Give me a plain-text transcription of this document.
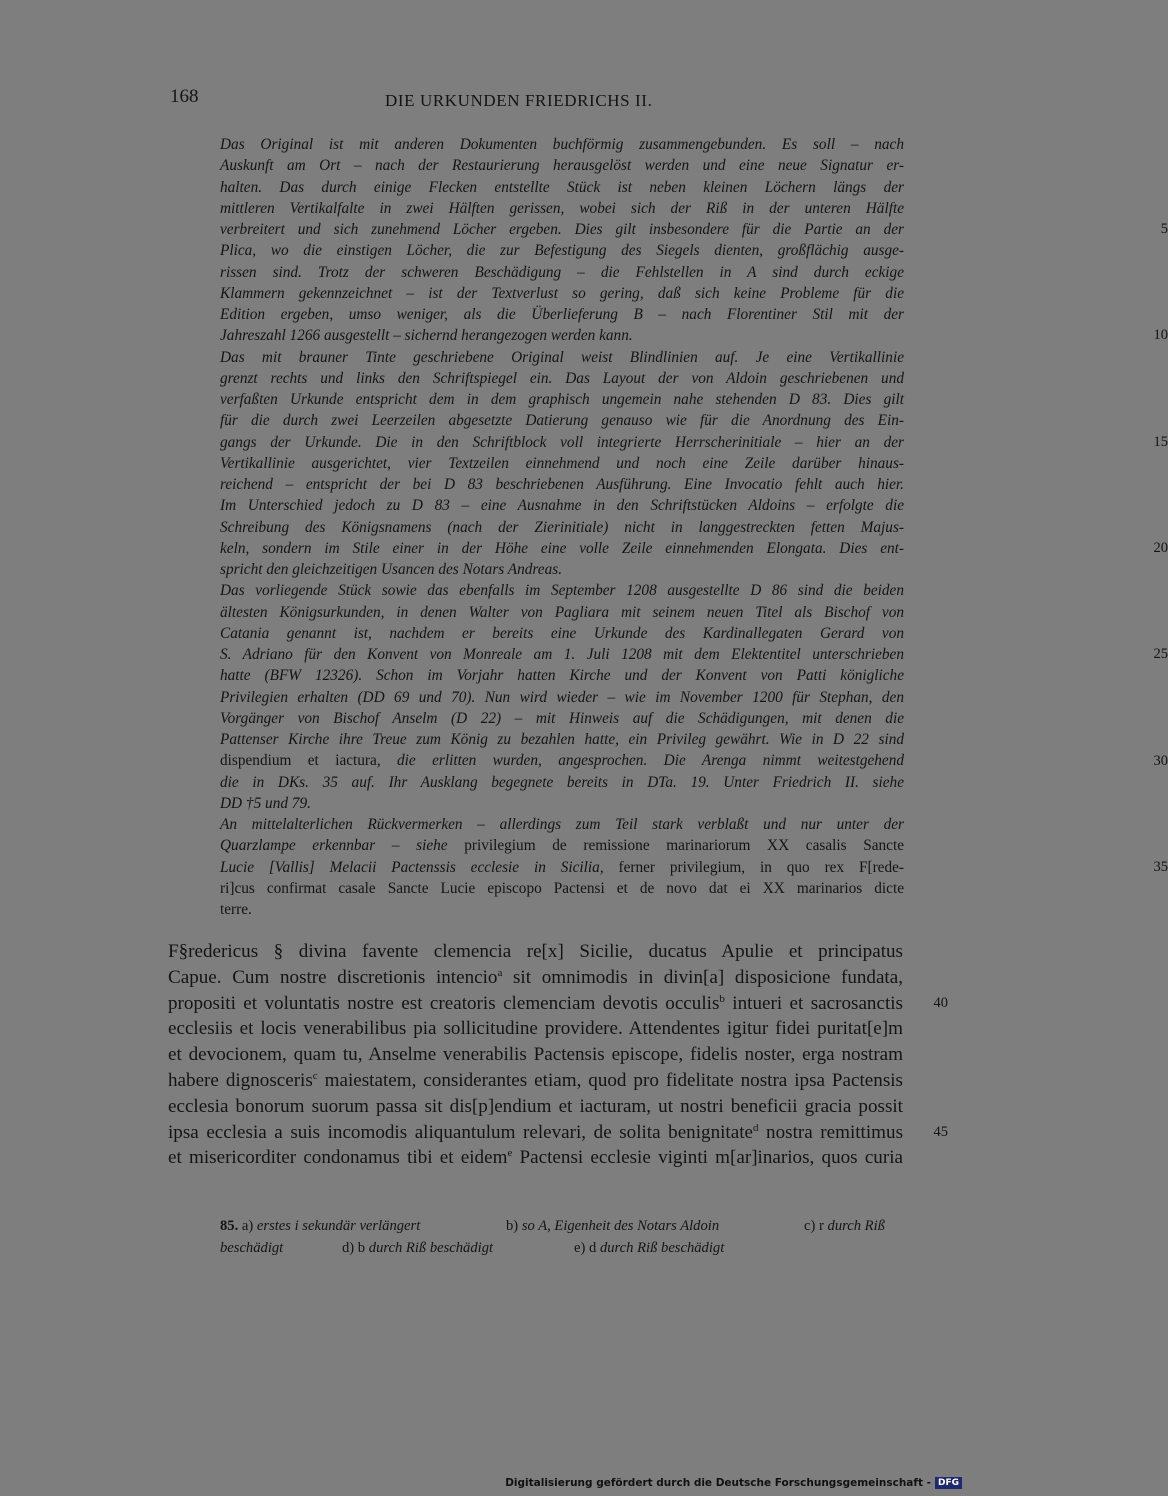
168	DIE URKUNDEN FRIEDRICHS II.
Das Original ist mit anderen Dokumenten buchförmig zusammengebunden. Es soll – nach
Auskunft am Ort – nach der Restaurierung herausgelöst werden und eine neue Signatur er-
halten. Das durch einige Flecken entstellte Stück ist neben kleinen Löchern längs der
mittleren Vertikalfalte in zwei Hälften gerissen, wobei sich der Riß in der unteren Hälfte
verbreitert und sich zunehmend Löcher ergeben. Dies gilt insbesondere für die Partie an der
Plica, wo die einstigen Löcher, die zur Befestigung des Siegels dienten, großflächig ausge-
rissen sind. Trotz der schweren Beschädigung – die Fehlstellen in A sind durch eckige
Klammern gekennzeichnet – ist der Textverlust so gering, daß sich keine Probleme für die
Edition ergeben, umso weniger, als die Überlieferung B – nach Florentiner Stil mit der
Jahreszahl 1266 ausgestellt – sichernd herangezogen werden kann.
Das mit brauner Tinte geschriebene Original weist Blindlinien auf. Je eine Vertikallinie
grenzt rechts und links den Schriftspiegel ein. Das Layout der von Aldoin geschriebenen und
verfaßten Urkunde entspricht dem in dem graphisch ungemein nahe stehenden D 83. Dies gilt
für die durch zwei Leerzeilen abgesetzte Datierung genauso wie für die Anordnung des Ein-
gangs der Urkunde. Die in den Schriftblock voll integrierte Herrscherinitiale – hier an der
Vertikallinie ausgerichtet, vier Textzeilen einnehmend und noch eine Zeile darüber hinaus-
reichend – entspricht der bei D 83 beschriebenen Ausführung. Eine Invocatio fehlt auch hier.
Im Unterschied jedoch zu D 83 – eine Ausnahme in den Schriftstücken Aldoins – erfolgte die
Schreibung des Königsnamens (nach der Zierinitiale) nicht in langgestreckten fetten Majus-
keln, sondern im Stile einer in der Höhe eine volle Zeile einnehmenden Elongata. Dies ent-
spricht den gleichzeitigen Usancen des Notars Andreas.
Das vorliegende Stück sowie das ebenfalls im September 1208 ausgestellte D 86 sind die beiden
ältesten Königsurkunden, in denen Walter von Pagliara mit seinem neuen Titel als Bischof von
Catania genannt ist, nachdem er bereits eine Urkunde des Kardinallegaten Gerard von
S. Adriano für den Konvent von Monreale am 1. Juli 1208 mit dem Elektentitel unterschrieben
hatte (BFW 12326). Schon im Vorjahr hatten Kirche und der Konvent von Patti königliche
Privilegien erhalten (DD 69 und 70). Nun wird wieder – wie im November 1200 für Stephan, den
Vorgänger von Bischof Anselm (D 22) – mit Hinweis auf die Schädigungen, mit denen die
Pattenser Kirche ihre Treue zum König zu bezahlen hatte, ein Privileg gewährt. Wie in D 22 sind
dispendium et iactura, die erlitten wurden, angesprochen. Die Arenga nimmt weitestgehend
die in DKs. 35 auf. Ihr Ausklang begegnete bereits in DTa. 19. Unter Friedrich II. siehe
DD †5 und 79.
An mittelalterlichen Rückvermerken – allerdings zum Teil stark verblaßt und nur unter der
Quarzlampe erkennbar – siehe privilegium de remissione marinariorum XX casalis Sancte
Lucie [Vallis] Melacii Pactenssis ecclesie in Sicilia, ferner privilegium, in quo rex F[rede-
ri]cus confirmat casale Sancte Lucie episcopo Pactensi et de novo dat ei XX marinarios dicte
terre.
5
10
15
20
25
30
35
F§redericus § divina favente clemencia re[x] Sicilie, ducatus Apulie et principatus
Capue. Cum nostre discretionis intencio$^a$ sit omnimodis in divin[a] disposicione fundata,
propositi et voluntatis nostre est creatoris clemenciam devotis occulis$^b$ intueri et sacrosanctis
ecclesiis et locis venerabilibus pia sollicitudine providere. Attendentes igitur fidei puritat[e]m
et devocionem, quam tu, Anselme venerabilis Pactensis episcope, fidelis noster, erga nostram
habere dignosceris$^c$ maiestatem, considerantes etiam, quod pro fidelitate nostra ipsa Pactensis
ecclesia bonorum suorum passa sit dis[p]endium et iacturam, ut nostri beneficii gracia possit
ipsa ecclesia a suis incomodis aliquantulum relevari, de solita benignitate$^d$ nostra remittimus
et misericorditer condonamus tibi et eidem$^e$ Pactensi ecclesie viginti m[ar]inarios, quos curia
40
45
85. a) erstes i sekundär verlängert	b) so A, Eigenheit des Notars Aldoin	c) r durch Riß
beschädigt	d) b durch Riß beschädigt	e) d durch Riß beschädigt
Digitalisierung gefördert durch die Deutsche Forschungsgemeinschaft - DFG
